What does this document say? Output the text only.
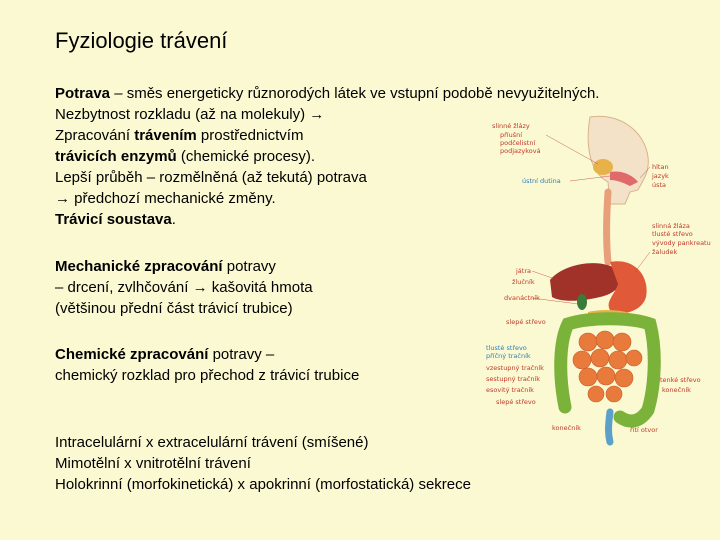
Fyziologie trávení
Potrava – směs energeticky různorodých látek ve vstupní podobě nevyužitelných.
Nezbytnost rozkladu (až na molekuly) →
Zpracování trávením prostřednictvím
trávicích enzymů (chemické procesy).
Lepší průběh – rozmělněná (až tekutá) potrava
→ předchozí mechanické změny.
Trávicí soustava.
Mechanické zpracování potravy
– drcení, zvlhčování → kašovitá hmota
(většinou přední část trávicí trubice)
Chemické zpracování potravy –
chemický rozklad pro přechod z trávicí trubice
Intracelulární x extracelulární trávení (smíšené)
Mimotělní x vnitrotělní trávení
Holokrinní (morfokinetická) x apokrinní (morfostatická) sekrece
slinné žlázy
příušní
podčelistní
podjazyková
ústní dutina
játra
žlučník
dvanáctník
slepé střevo
tlusté střevo
příčný tračník
vzestupný tračník
sestupný tračník
esovitý tračník
slepé střevo
konečník
hltan
jazyk
ústa
slinná žláza
tlusté střevo
vývody pankreatu
žaludek
tenké střevo
konečník
řití otvor
